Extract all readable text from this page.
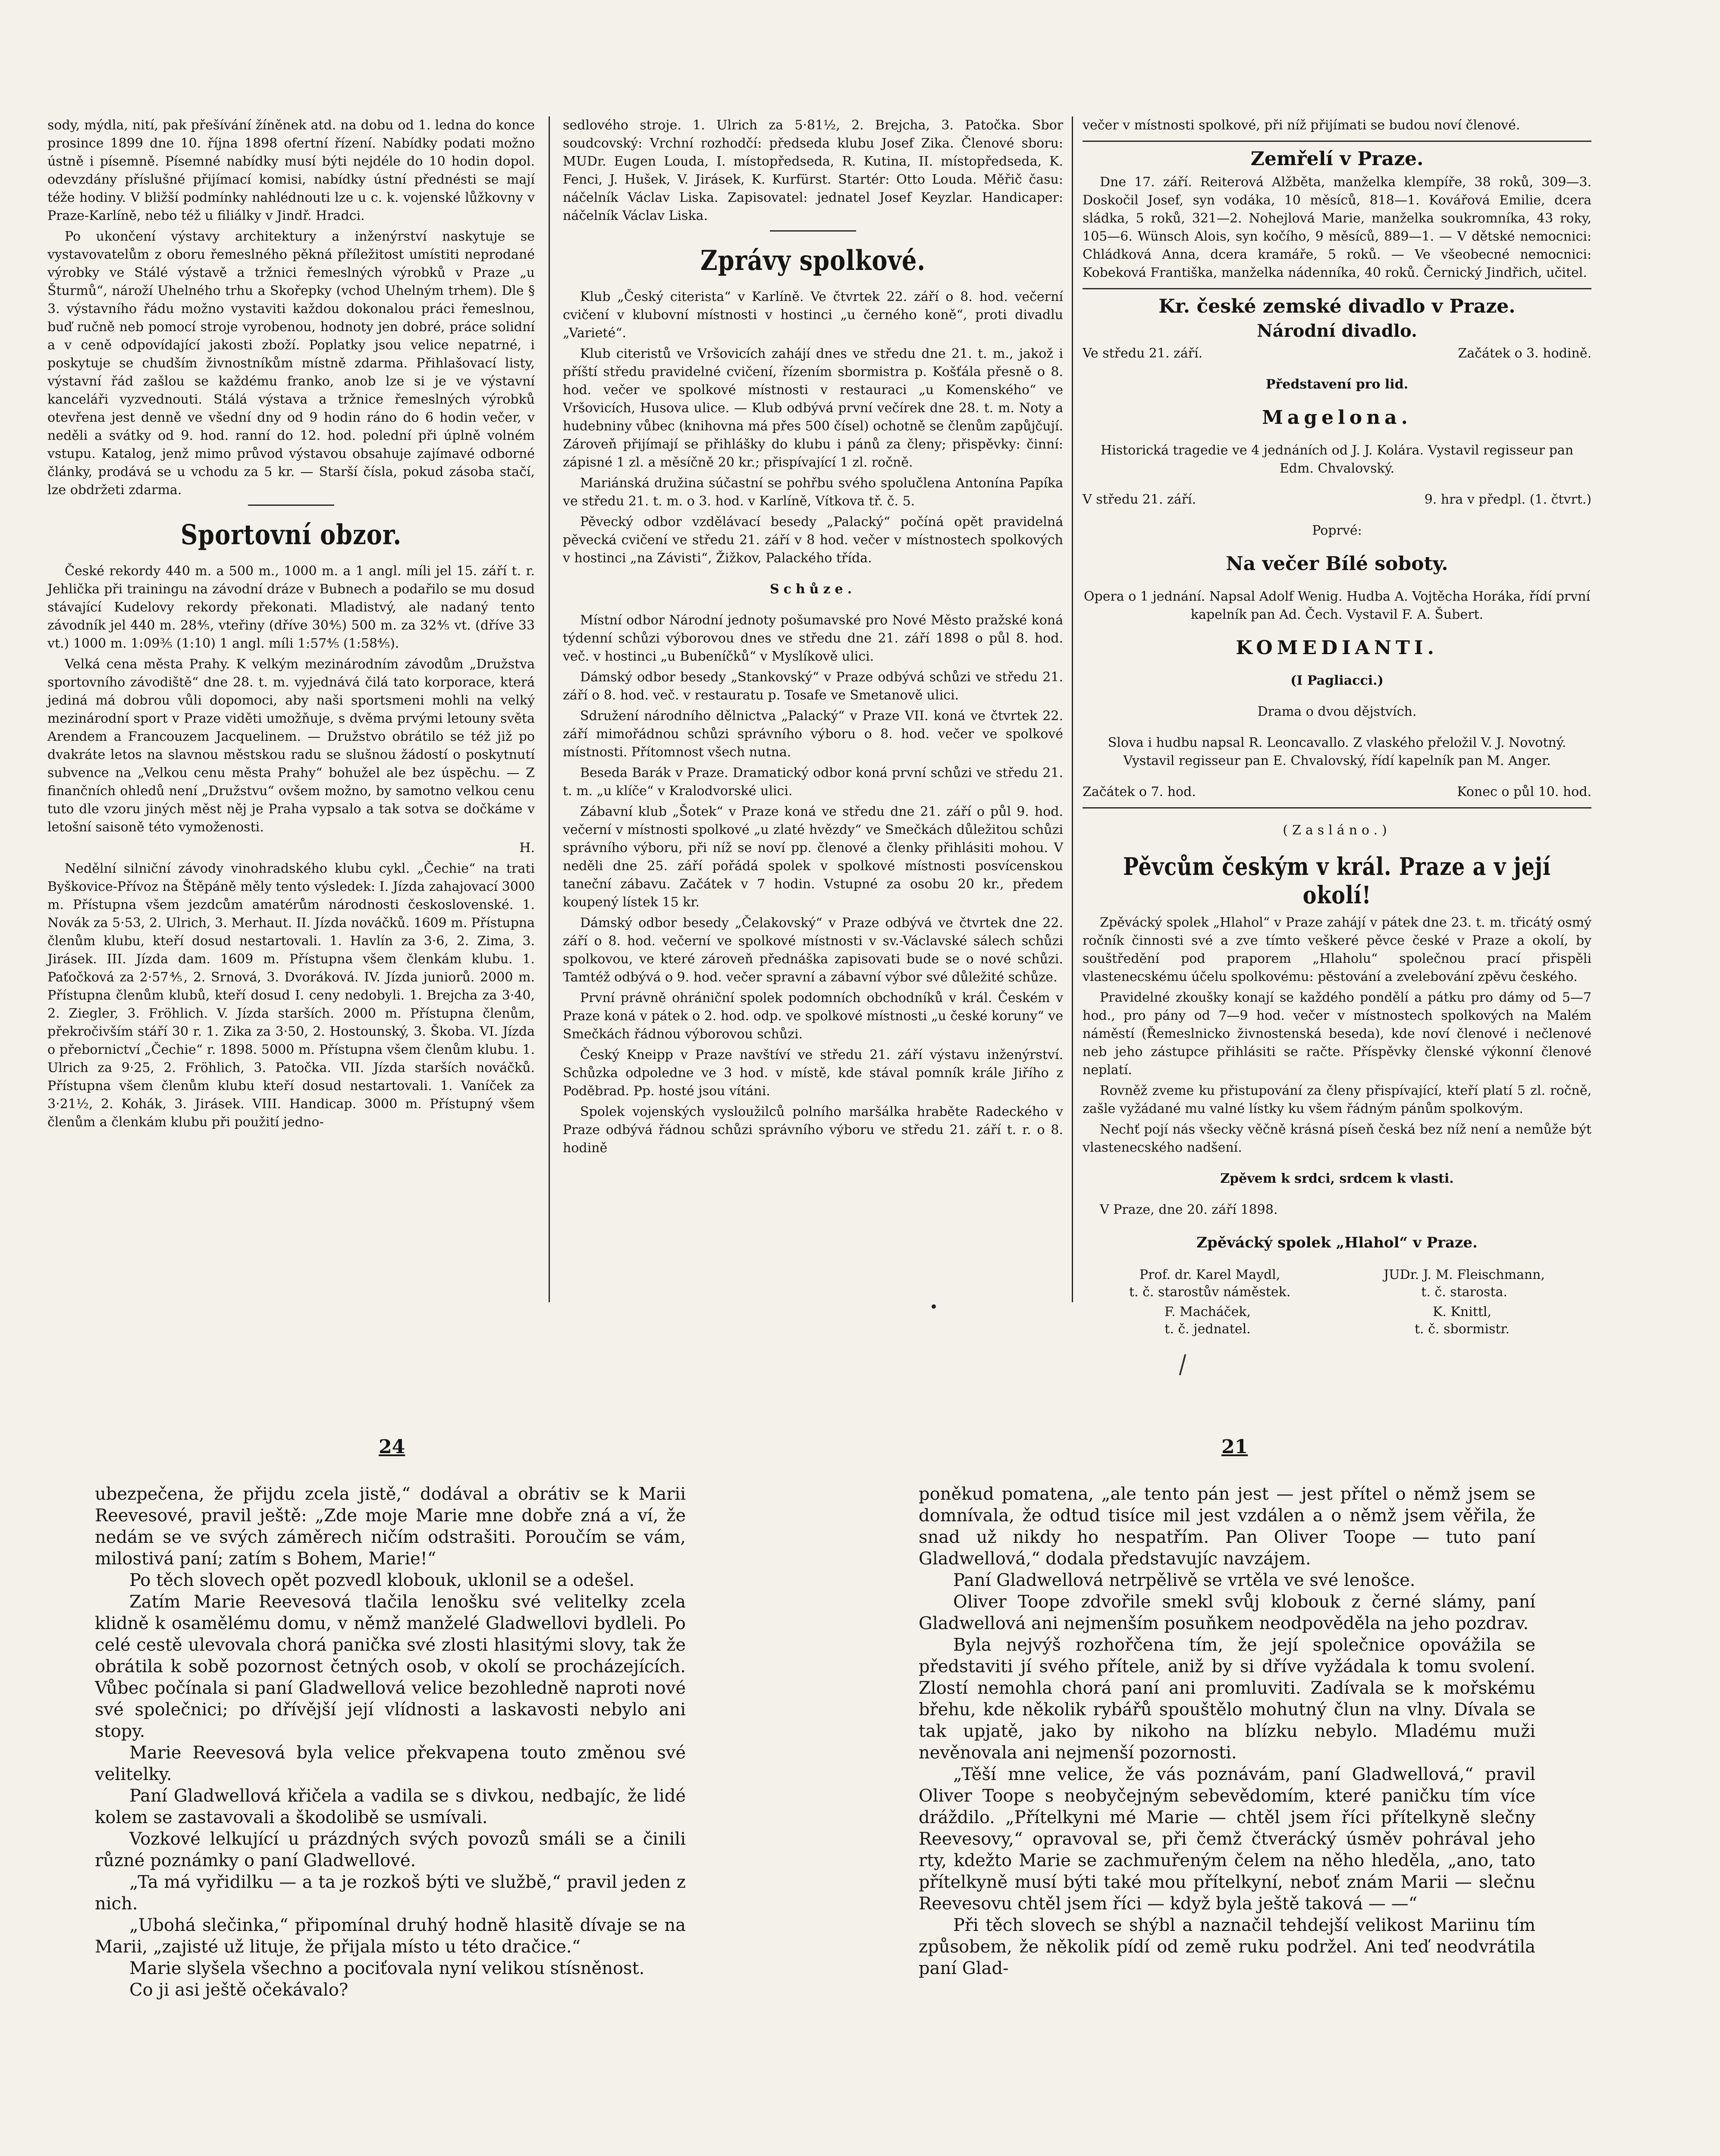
sody, mýdla, nití, pak přešívání žíněnek atd. na dobu od 1. ledna do konce prosince 1899 dne 10. října 1898 ofertní řízení. Nabídky podati možno ústně i písemně. Písemné nabídky musí býti nejdéle do 10 hodin dopol. odevzdány příslušné přijímací komisi, nabídky ústní přednésti se mají téže hodiny. V bližší podmínky nahlédnouti lze u c. k. vojenské lůžkovny v Praze-Karlíně, nebo též u filiálky v Jindř. Hradci.

Po ukončení výstavy architektury a inženýrství naskytuje se vystavovatelům z oboru řemeslného pěkná příležitost umístiti neprodané výrobky ve Stálé výstavě a tržnici řemeslných výrobků v Praze „u Šturmů“, nároží Uhelného trhu a Skořepky (vchod Uhelným trhem). Dle § 3. výstavního řádu možno vystaviti každou dokonalou práci řemeslnou, buď ručně neb pomocí stroje vyrobenou, hodnoty jen dobré, práce solidní a v ceně odpovídající jakosti zboží. Poplatky jsou velice nepatrné, i poskytuje se chudším živnostníkům místně zdarma. Přihlašovací listy, výstavní řád zašlou se každému franko, anob lze si je ve výstavní kanceláři vyzvednouti. Stálá výstava a tržnice řemeslných výrobků otevřena jest denně ve všední dny od 9 hodin ráno do 6 hodin večer, v neděli a svátky od 9. hod. ranní do 12. hod. polední při úplně volném vstupu. Katalog, jenž mimo průvod výstavou obsahuje zajímavé odborné články, prodává se u vchodu za 5 kr. — Starší čísla, pokud zásoba stačí, lze obdržeti zdarma.

Sportovní obzor.

České rekordy 440 m. a 500 m., 1000 m. a 1 angl. míli jel 15. září t. r. Jehlička při trainingu na závodní dráze v Bubnech a podařilo se mu dosud stávající Kudelovy rekordy překonati. Mladistvý, ale nadaný tento závodník jel 440 m. 28⅘, vteřiny (dříve 30⅘) 500 m. za 32⅘ vt. (dříve 33 vt.) 1000 m. 1:09⅗ (1:10) 1 angl. míli 1:57⅘ (1:58⅘).

Velká cena města Prahy. K velkým mezinárodním závodům „Družstva sportovního závodiště“ dne 28. t. m. vyjednává čilá tato korporace, která jediná má dobrou vůli dopomoci, aby naši sportsmeni mohli na velký mezinárodní sport v Praze viděti umožňuje, s dvěma prvými letouny světa Arendem a Francouzem Jacquelinem. — Družstvo obrátilo se též již po dvakráte letos na slavnou městskou radu se slušnou žádostí o poskytnutí subvence na „Velkou cenu města Prahy“ bohužel ale bez úspěchu. — Z finančních ohledů není „Družstvu“ ovšem možno, by samotno velkou cenu tuto dle vzoru jiných měst něj je Praha vypsalo a tak sotva se dočkáme v letošní saisoně této vymoženosti.

H.

Nedělní silniční závody vinohradského klubu cykl. „Čechie“ na trati Byškovice-Přívoz na Štěpáně měly tento výsledek: I. Jízda zahajovací 3000 m. Přístupna všem jezdcům amatérům národnosti československé. 1. Novák za 5·53, 2. Ulrich, 3. Merhaut. II. Jízda nováčků. 1609 m. Přístupna členům klubu, kteří dosud nestartovali. 1. Havlín za 3·6, 2. Zima, 3. Jirásek. III. Jízda dam. 1609 m. Přístupna všem členkám klubu. 1. Paťočková za 2·57⅘, 2. Srnová, 3. Dvoráková. IV. Jízda juniorů. 2000 m. Přístupna členům klubů, kteří dosud I. ceny nedobyli. 1. Brejcha za 3·40, 2. Ziegler, 3. Fröhlich. V. Jízda starších. 2000 m. Přístupna členům, překročivším stáří 30 r. 1. Zika za 3·50, 2. Hostounský, 3. Škoba. VI. Jízda o přebornictví „Čechie“ r. 1898. 5000 m. Přístupna všem členům klubu. 1. Ulrich za 9·25, 2. Fröhlich, 3. Patočka. VII. Jízda starších nováčků. Přístupna všem členům klubu kteří dosud nestartovali. 1. Vaníček za 3·21½, 2. Kohák, 3. Jirásek. VIII. Handicap. 3000 m. Přístupný všem členům a členkám klubu při použití jedno-

sedlového stroje. 1. Ulrich za 5·81½, 2. Brejcha, 3. Patočka. Sbor soudcovský: Vrchní rozhodčí: předseda klubu Josef Zika. Členové sboru: MUDr. Eugen Louda, I. místopředseda, R. Kutina, II. místopředseda, K. Fenci, J. Hušek, V. Jirásek, K. Kurfürst. Startér: Otto Louda. Měřič času: náčelník Václav Liska. Zapisovatel: jednatel Josef Keyzlar. Handicaper: náčelník Václav Liska.

Zprávy spolkové.

Klub „Český citerista“ v Karlíně. Ve čtvrtek 22. září o 8. hod. večerní cvičení v klubovní místnosti v hostinci „u černého koně“, proti divadlu „Varieté“.

Klub citeristů ve Vršovicích zahájí dnes ve středu dne 21. t. m., jakož i příští středu pravidelné cvičení, řízením sbormistra p. Košťála přesně o 8. hod. večer ve spolkové místnosti v restauraci „u Komenského“ ve Vršovicích, Husova ulice. — Klub odbývá první večírek dne 28. t. m. Noty a hudebniny vůbec (knihovna má přes 500 čísel) ochotně se členům zapůjčují. Zároveň přijímají se přihlášky do klubu i pánů za členy; přispěvky: činní: zápisné 1 zl. a měsíčně 20 kr.; přispívající 1 zl. ročně.

Mariánská družina súčastní se pohřbu svého spolučlena Antonína Papíka ve středu 21. t. m. o 3. hod. v Karlíně, Vítkova tř. č. 5.

Pěvecký odbor vzdělávací besedy „Palacký“ počíná opět pravidelná pěvecká cvičení ve středu 21. září v 8 hod. večer v místnostech spolkových v hostinci „na Závisti“, Žižkov, Palackého třída.

Schůze.

Místní odbor Národní jednoty pošumavské pro Nové Město pražské koná týdenní schůzi výborovou dnes ve středu dne 21. září 1898 o půl 8. hod. več. v hostinci „u Bubeníčků“ v Myslíkově ulici.

Dámský odbor besedy „Stankovský“ v Praze odbývá schůzi ve středu 21. září o 8. hod. več. v restauratu p. Tosafe ve Smetanově ulici.

Sdružení národního dělnictva „Palacký“ v Praze VII. koná ve čtvrtek 22. září mimořádnou schůzi správního výboru o 8. hod. večer ve spolkové místnosti. Přítomnost všech nutna.

Beseda Barák v Praze. Dramatický odbor koná první schůzi ve středu 21. t. m. „u klíče“ v Kralodvorské ulici.

Zábavní klub „Šotek“ v Praze koná ve středu dne 21. září o půl 9. hod. večerní v místnosti spolkové „u zlaté hvězdy“ ve Smečkách důležitou schůzi správního výboru, při níž se noví pp. členové a členky přihlásiti mohou. V neděli dne 25. září pořádá spolek v spolkové místnosti posvícenskou taneční zábavu. Začátek v 7 hodin. Vstupné za osobu 20 kr., předem koupený lístek 15 kr.

Dámský odbor besedy „Čelakovský“ v Praze odbývá ve čtvrtek dne 22. září o 8. hod. večerní ve spolkové místnosti v sv.-Václavské sálech schůzi spolkovou, ve které zároveň přednáška zapisovati bude se o nové schůzi. Tamtéž odbývá o 9. hod. večer spravní a zábavní výbor své důležité schůze.

První právně ohrániční spolek podomních obchodníků v král. Českém v Praze koná v pátek o 2. hod. odp. ve spolkové místnosti „u české koruny“ ve Smečkách řádnou výborovou schůzi.

Český Kneipp v Praze navštíví ve středu 21. září výstavu inženýrství. Schůzka odpoledne ve 3 hod. v místě, kde stával pomník krále Jiřího z Poděbrad. Pp. hosté jsou vítáni.

Spolek vojenských vysloužilců polního maršálka hraběte Radeckého v Praze odbývá řádnou schůzi správního výboru ve středu 21. září t. r. o 8. hodině

večer v místnosti spolkové, při níž přijímati se budou noví členové.

Zemřelí v Praze.

Dne 17. září. Reiterová Alžběta, manželka klempíře, 38 roků, 309—3. Doskočil Josef, syn vodáka, 10 měsíců, 818—1. Kovářová Emilie, dcera sládka, 5 roků, 321—2. Nohejlová Marie, manželka soukromníka, 43 roky, 105—6. Wünsch Alois, syn kočího, 9 měsíců, 889—1. — V dětské nemocnici: Chládková Anna, dcera kramáře, 5 roků. — Ve všeobecné nemocnici: Kobeková Františka, manželka nádenníka, 40 roků. Černický Jindřich, učitel.

Kr. české zemské divadlo v Praze.
Národní divadlo.
Ve středu 21. září.	Začátek o 3. hodině.

Představení pro lid.

Magelona.

Historická tragedie ve 4 jednáních od J. J. Kolára. Vystavil regisseur pan Edm. Chvalovský.

V středu 21. září.	9. hra v předpl. (1. čtvrt.)

Poprvé:

Na večer Bílé soboty.

Opera o 1 jednání. Napsal Adolf Wenig. Hudba A. Vojtěcha Horáka, řídí první kapelník pan Ad. Čech. Vystavil F. A. Šubert.

KOMEDIANTI.

(I Pagliacci.)

Drama o dvou dějstvích.

Slova i hudbu napsal R. Leoncavallo. Z vlaského přeložil V. J. Novotný. Vystavil regisseur pan E. Chvalovský, řídí kapelník pan M. Anger.

Začátek o 7. hod.	Konec o půl 10. hod.

(Zasláno.)

Pěvcům českým v král. Praze a v její okolí!

Zpěvácký spolek „Hlahol“ v Praze zahájí v pátek dne 23. t. m. třicátý osmý ročník činnosti své a zve tímto veškeré pěvce české v Praze a okolí, by souštředění pod praporem „Hlaholu“ společnou prací přispěli vlastenecskému účelu spolkovému: pěstování a zvelebování zpěvu českého.

Pravidelné zkoušky konají se každého pondělí a pátku pro dámy od 5—7 hod., pro pány od 7—9 hod. večer v místnostech spolkových na Malém náměstí (Řemeslnicko živnostenská beseda), kde noví členové i nečlenové neb jeho zástupce přihlásiti se račte. Příspěvky členské výkonní členové neplatí.

Rovněž zveme ku přistupování za členy přispívající, kteří platí 5 zl. ročně, zašle vyžádané mu valné lístky ku všem řádným pánům spolkovým.

Nechť pojí nás všecky věčně krásná píseň česká bez níž není a nemůže být vlastenecského nadšení.

Zpěvem k srdci, srdcem k vlasti.

V Praze, dne 20. září 1898.

Zpěvácký spolek „Hlahol“ v Praze.

Prof. dr. Karel Maydl,
t. č. starostův náměstek.
JUDr. J. M. Fleischmann,
t. č. starosta.
F. Macháček,
t. č. jednatel.
K. Knittl,
t. č. sbormistr.
24	21

ubezpečena, že přijdu zcela jistě,“ dodával a obrátiv se k Marii Reevesové, pravil ještě: „Zde moje Marie mne dobře zná a ví, že nedám se ve svých záměrech ničím odstrašiti. Poroučím se vám, milostivá paní; zatím s Bohem, Marie!“

Po těch slovech opět pozvedl klobouk, uklonil se a odešel.

Zatím Marie Reevesová tlačila lenošku své velitelky zcela klidně k osamělému domu, v němž manželé Gladwellovi bydleli. Po celé cestě ulevovala chorá panička své zlosti hlasitými slovy, tak že obrátila k sobě pozornost četných osob, v okolí se procházejících. Vůbec počínala si paní Gladwellová velice bezohledně naproti nové své společnici; po dřívější její vlídnosti a laskavosti nebylo ani stopy.

Marie Reevesová byla velice překvapena touto změnou své velitelky.

Paní Gladwellová křičela a vadila se s divkou, nedbajíc, že lidé kolem se zastavovali a škodolibě se usmívali.

Vozkové lelkující u prázdných svých povozů smáli se a činili různé poznámky o paní Gladwellové.

„Ta má vyřidilku — a ta je rozkoš býti ve službě,“ pravil jeden z nich.

„Ubohá slečinka,“ připomínal druhý hodně hlasitě dívaje se na Marii, „zajisté už lituje, že přijala místo u této dračice.“

Marie slyšela všechno a pociťovala nyní velikou stísněnost.

Co ji asi ještě očekávalo?

poněkud pomatena, „ale tento pán jest — jest přítel o němž jsem se domnívala, že odtud tisíce mil jest vzdálen a o němž jsem věřila, že snad už nikdy ho nespatřím. Pan Oliver Toope — tuto paní Gladwellová,“ dodala představujíc navzájem.

Paní Gladwellová netrpělivě se vrtěla ve své lenošce.

Oliver Toope zdvořile smekl svůj klobouk z černé slámy, paní Gladwellová ani nejmenším posuňkem neodpověděla na jeho pozdrav.

Byla nejvýš rozhořčena tím, že její společnice opovážila se představiti jí svého přítele, aniž by si dříve vyžádala k tomu svolení. Zlostí nemohla chorá paní ani promluviti. Zadívala se k mořskému břehu, kde několik rybářů spouštělo mohutný člun na vlny. Dívala se tak upjatě, jako by nikoho na blízku nebylo. Mladému muži nevěnovala ani nejmenší pozornosti.

„Těší mne velice, že vás poznávám, paní Gladwellová,“ pravil Oliver Toope s neobyčejným sebevědomím, které paničku tím více dráždilo. „Přítelkyni mé Marie — chtěl jsem říci přítelkyně slečny Reevesovy,“ opravoval se, při čemž čtverácký úsměv pohrával jeho rty, kdežto Marie se zachmuřeným čelem na něho hleděla, „ano, tato přítelkyně musí býti také mou přítelkyní, neboť znám Marii — slečnu Reevesovu chtěl jsem říci — když byla ještě taková — —“

Při těch slovech se shýbl a naznačil tehdejší velikost Mariinu tím způsobem, že několik pídí od země ruku podržel. Ani teď neodvrátila paní Glad-
